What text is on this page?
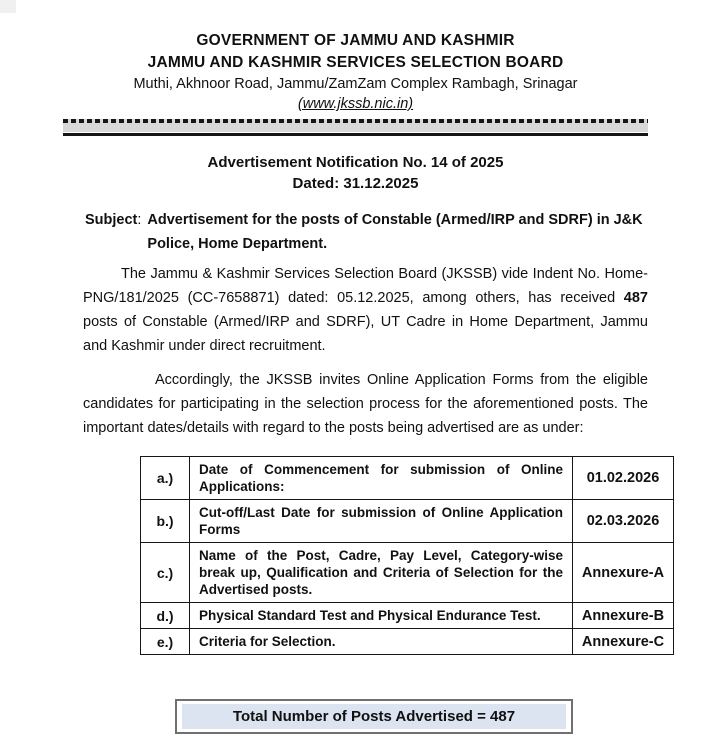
GOVERNMENT OF JAMMU AND KASHMIR
JAMMU AND KASHMIR SERVICES SELECTION BOARD
Muthi, Akhnoor Road, Jammu/ZamZam Complex Rambagh, Srinagar
(www.jkssb.nic.in)
Advertisement Notification No. 14 of 2025
Dated: 31.12.2025
Subject : Advertisement for the posts of Constable (Armed/IRP and SDRF) in J&K Police, Home Department.
The Jammu & Kashmir Services Selection Board (JKSSB) vide Indent No. Home-PNG/181/2025 (CC-7658871) dated: 05.12.2025, among others, has received 487 posts of Constable (Armed/IRP and SDRF), UT Cadre in Home Department, Jammu and Kashmir under direct recruitment.
Accordingly, the JKSSB invites Online Application Forms from the eligible candidates for participating in the selection process for the aforementioned posts. The important dates/details with regard to the posts being advertised are as under:
a.)	Date of Commencement for submission of Online Applications:	01.02.2026
b.)	Cut-off/Last Date for submission of Online Application Forms	02.03.2026
c.)	Name of the Post, Cadre, Pay Level, Category-wise break up, Qualification and Criteria of Selection for the Advertised posts.	Annexure-A
d.)	Physical Standard Test and Physical Endurance Test.	Annexure-B
e.)	Criteria for Selection.	Annexure-C
Total Number of Posts Advertised = 487
